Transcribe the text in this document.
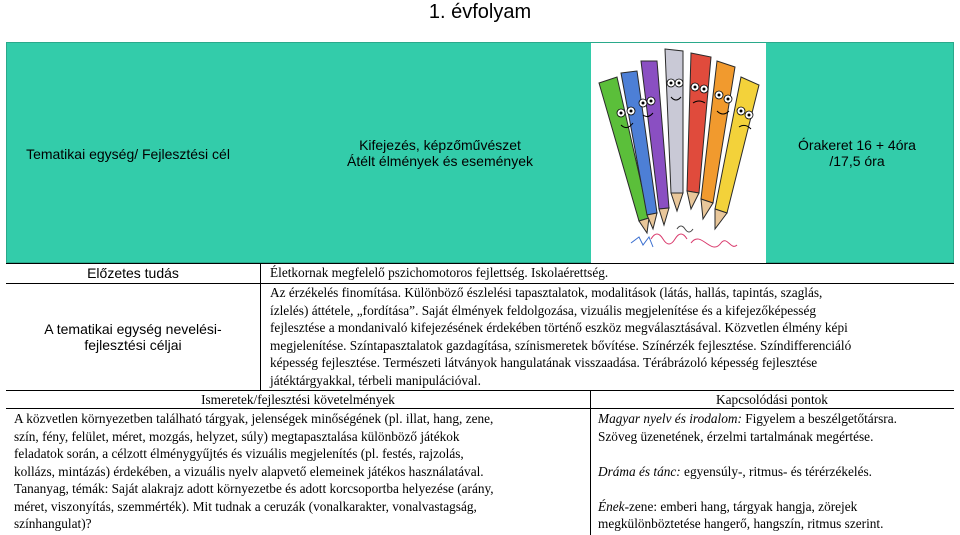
1. évfolyam
Tematikai egység/ Fejlesztési cél
Kifejezés, képzőművészet
Átélt élmények és események
Órakeret 16 + 4óra
/17,5 óra
Előzetes tudás	Életkornak megfelelő pszichomotoros fejlettség. Iskolaérettség.
A tematikai egység nevelési-
fejlesztési céljai
Az érzékelés finomítása. Különböző észlelési tapasztalatok, modalitások (látás, hallás, tapintás, szaglás,
ízlelés) áttétele, „fordítása”. Saját élmények feldolgozása, vizuális megjelenítése és a kifejezőképesség
fejlesztése a mondanivaló kifejezésének érdekében történő eszköz megválasztásával. Közvetlen élmény képi
megjelenítése. Színtapasztalatok gazdagítása, színismeretek bővítése. Színérzék fejlesztése. Színdifferenciáló
képesség fejlesztése. Természeti látványok hangulatának visszaadása. Térábrázoló képesség fejlesztése
játéktárgyakkal, térbeli manipulációval.
Ismeretek/fejlesztési követelmények	Kapcsolódási pontok
A közvetlen környezetben található tárgyak, jelenségek minőségének (pl. illat, hang, zene,
szín, fény, felület, méret, mozgás, helyzet, súly) megtapasztalása különböző játékok
feladatok során, a célzott élménygyűjtés és vizuális megjelenítés (pl. festés, rajzolás,
kollázs, mintázás) érdekében, a vizuális nyelv alapvető elemeinek játékos használatával.
Tananyag, témák: Saját alakrajz adott környezetbe és adott korcsoportba helyezése (arány,
méret, viszonyítás, szemmérték). Mit tudnak a ceruzák (vonalkarakter, vonalvastagság,
színhangulat)?
Magyar nyelv és irodalom: Figyelem a beszélgetőtársra.
Szöveg üzenetének, érzelmi tartalmának megértése.
Dráma és tánc: egyensúly-, ritmus- és térérzékelés.
Ének-zene: emberi hang, tárgyak hangja, zörejek
megkülönböztetése hangerő, hangszín, ritmus szerint.
